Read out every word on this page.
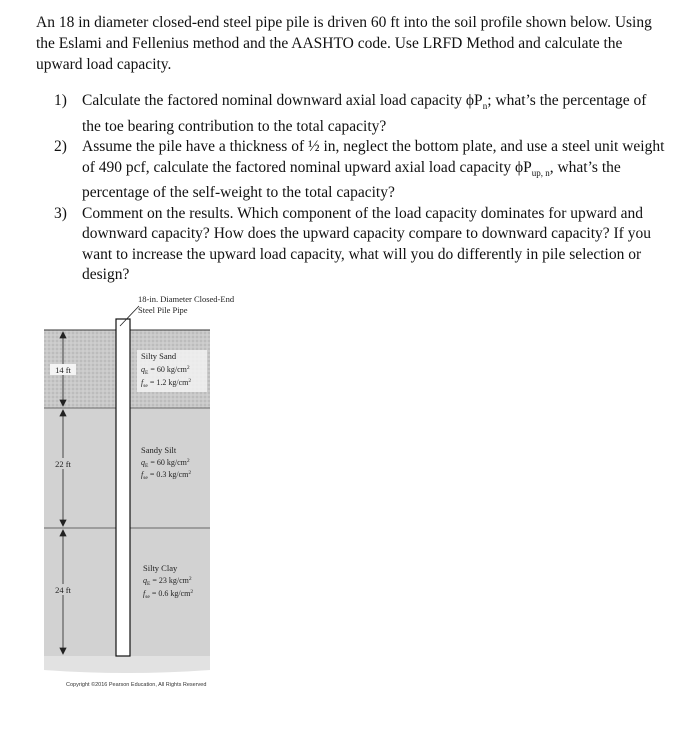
An 18 in diameter closed-end steel pipe pile is driven 60 ft into the soil profile shown below. Using the Eslami and Fellenius method and the AASHTO code. Use LRFD Method and calculate the upward load capacity.

1) Calculate the factored nominal downward axial load capacity $\phi P_n$; what’s the percentage of the toe bearing contribution to the total capacity?
2) Assume the pile have a thickness of ½ in, neglect the bottom plate, and use a steel unit weight of 490 pcf, calculate the factored nominal upward axial load capacity $\phi P_{up, n}$, what’s the percentage of the self-weight to the total capacity?
3) Comment on the results. Which component of the load capacity dominates for upward and downward capacity? How does the upward capacity compare to downward capacity? If you want to increase the upward load capacity, what will you do differently in pile selection or design?
14 ft
22 ft
24 ft
18-in. Diameter Closed-End
Steel Pile Pipe
Silty Sand
$q_E = 60$ $kg/cm^2$
$f_{se} = 1.2$ $kg/cm^2$
Sandy Silt
$q_E = 60$ $kg/cm^2$
$f_{se} = 0.3$ $kg/cm^2$
Silty Clay
$q_E = 23$ $kg/cm^2$
$f_{se} = 0.6$ $kg/cm^2$
Copyright ©2016 Pearson Education, All Rights Reserved
